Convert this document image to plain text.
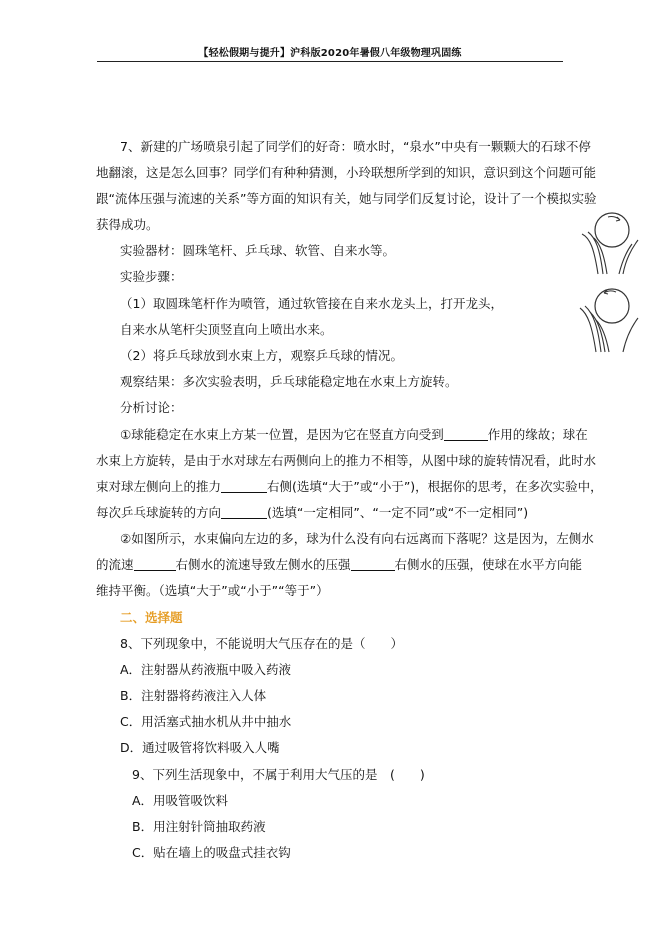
【轻松假期与提升】沪科版2020年暑假八年级物理巩固练
7、新建的广场喷泉引起了同学们的好奇：喷水时，“泉水”中央有一颗颗大的石球不停
地翻滚，这是怎么回事？同学们有种种猜测，小玲联想所学到的知识，意识到这个问题可能
跟“流体压强与流速的关系”等方面的知识有关，她与同学们反复讨论，设计了一个模拟实验
获得成功。
实验器材：圆珠笔杆、乒乓球、软管、自来水等。
实验步骤：
（1）取圆珠笔杆作为喷管，通过软管接在自来水龙头上，打开龙头，
自来水从笔杆尖顶竖直向上喷出水来。
（2）将乒乓球放到水束上方，观察乒乓球的情况。
观察结果：多次实验表明，乒乓球能稳定地在水束上方旋转。
分析讨论：
①球能稳定在水束上方某一位置，是因为它在竖直方向受到	作用的缘故；球在
水束上方旋转，是由于水对球左右两侧向上的推力不相等，从图中球的旋转情况看，此时水
束对球左侧向上的推力	右侧(选填“大于”或“小于”)，根据你的思考，在多次实验中，
每次乒乓球旋转的方向	(选填“一定相同”、“一定不同”或“不一定相同”)
②如图所示，水束偏向左边的多，球为什么没有向右远离而下落呢？这是因为，左侧水
的流速	右侧水的流速导致左侧水的压强	右侧水的压强，使球在水平方向能
维持平衡。（选填“大于”或“小于”“等于”）
二、选择题
8、下列现象中，不能说明大气压存在的是（　　）
A．注射器从药液瓶中吸入药液
B．注射器将药液注入人体
C．用活塞式抽水机从井中抽水
D．通过吸管将饮料吸入人嘴
9、下列生活现象中，不属于利用大气压的是　(　　)
A．用吸管吸饮料
B．用注射针筒抽取药液
C．贴在墙上的吸盘式挂衣钩
